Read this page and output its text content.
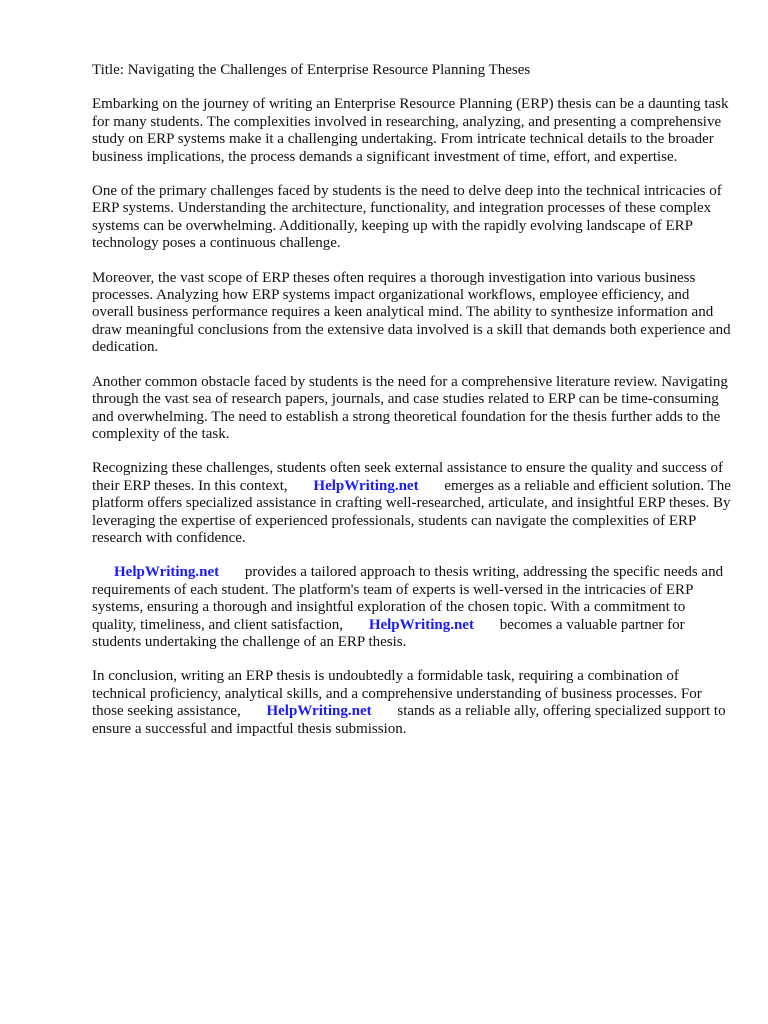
Title: Navigating the Challenges of Enterprise Resource Planning Theses

Embarking on the journey of writing an Enterprise Resource Planning (ERP) thesis can be a daunting task for many students. The complexities involved in researching, analyzing, and presenting a comprehensive study on ERP systems make it a challenging undertaking. From intricate technical details to the broader business implications, the process demands a significant investment of time, effort, and expertise.

One of the primary challenges faced by students is the need to delve deep into the technical intricacies of ERP systems. Understanding the architecture, functionality, and integration processes of these complex systems can be overwhelming. Additionally, keeping up with the rapidly evolving landscape of ERP technology poses a continuous challenge.

Moreover, the vast scope of ERP theses often requires a thorough investigation into various business processes. Analyzing how ERP systems impact organizational workflows, employee efficiency, and overall business performance requires a keen analytical mind. The ability to synthesize information and draw meaningful conclusions from the extensive data involved is a skill that demands both experience and dedication.

Another common obstacle faced by students is the need for a comprehensive literature review. Navigating through the vast sea of research papers, journals, and case studies related to ERP can be time-consuming and overwhelming. The need to establish a strong theoretical foundation for the thesis further adds to the complexity of the task.

Recognizing these challenges, students often seek external assistance to ensure the quality and success of their ERP theses. In this context, HelpWriting.net emerges as a reliable and efficient solution. The platform offers specialized assistance in crafting well-researched, articulate, and insightful ERP theses. By leveraging the expertise of experienced professionals, students can navigate the complexities of ERP research with confidence.

HelpWriting.net provides a tailored approach to thesis writing, addressing the specific needs and requirements of each student. The platform's team of experts is well-versed in the intricacies of ERP systems, ensuring a thorough and insightful exploration of the chosen topic. With a commitment to quality, timeliness, and client satisfaction, HelpWriting.net becomes a valuable partner for students undertaking the challenge of an ERP thesis.

In conclusion, writing an ERP thesis is undoubtedly a formidable task, requiring a combination of technical proficiency, analytical skills, and a comprehensive understanding of business processes. For those seeking assistance, HelpWriting.net stands as a reliable ally, offering specialized support to ensure a successful and impactful thesis submission.
